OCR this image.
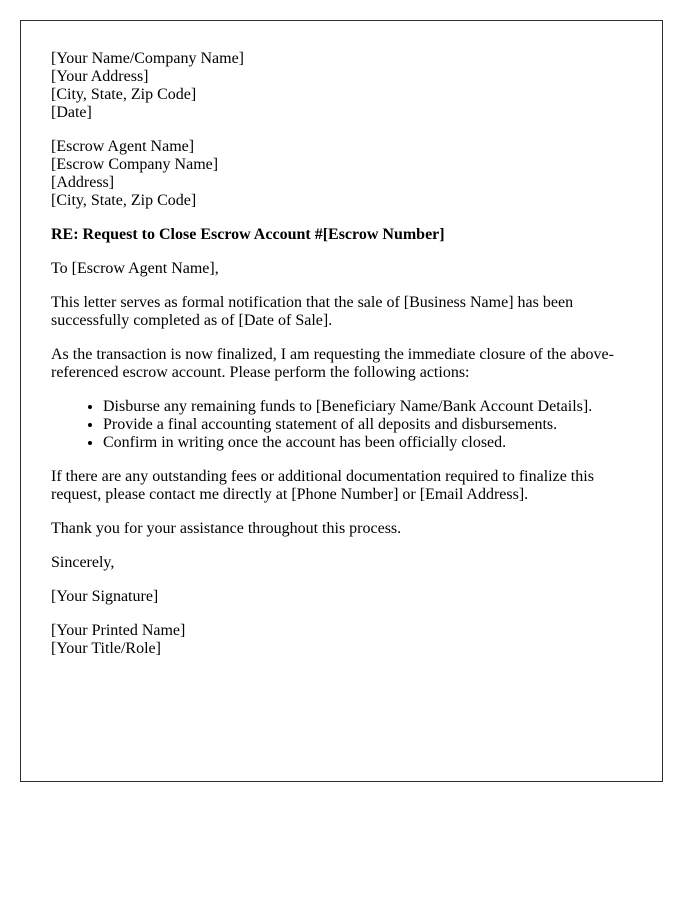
[Your Name/Company Name]
[Your Address]
[City, State, Zip Code]
[Date]
[Escrow Agent Name]
[Escrow Company Name]
[Address]
[City, State, Zip Code]

RE: Request to Close Escrow Account #[Escrow Number]

To [Escrow Agent Name],

This letter serves as formal notification that the sale of [Business Name] has been successfully completed as of [Date of Sale].

As the transaction is now finalized, I am requesting the immediate closure of the above-referenced escrow account. Please perform the following actions:

• Disburse any remaining funds to [Beneficiary Name/Bank Account Details].
• Provide a final accounting statement of all deposits and disbursements.
• Confirm in writing once the account has been officially closed.

If there are any outstanding fees or additional documentation required to finalize this request, please contact me directly at [Phone Number] or [Email Address].

Thank you for your assistance throughout this process.

Sincerely,

[Your Signature]

[Your Printed Name]
[Your Title/Role]
